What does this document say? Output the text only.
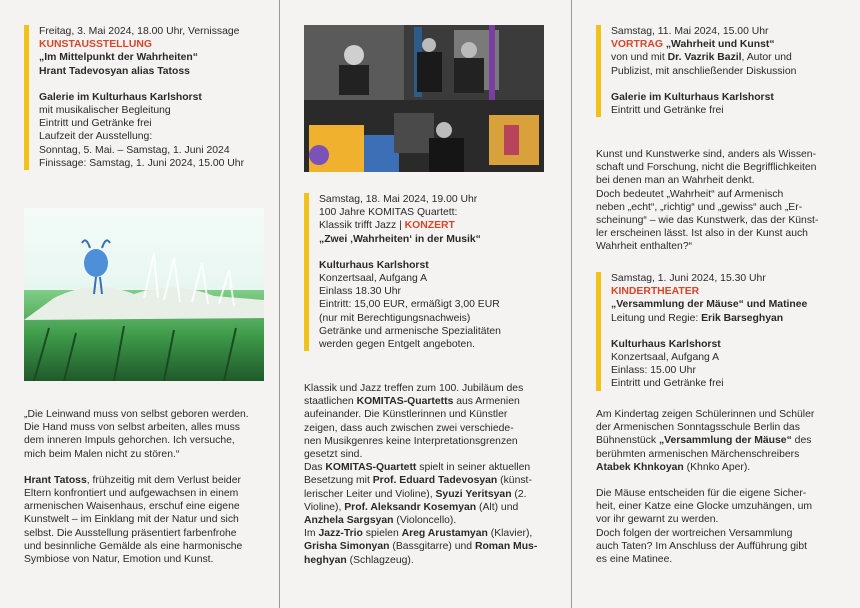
Freitag, 3. Mai 2024, 18.00 Uhr, Vernissage
KUNSTAUSSTELLUNG
„Im Mittelpunkt der Wahrheiten“
Hrant Tadevosyan alias Tatoss
Galerie im Kulturhaus Karlshorst
mit musikalischer Begleitung
Eintritt und Getränke frei
Laufzeit der Ausstellung:
Sonntag, 5. Mai. – Samstag, 1. Juni 2024
Finissage: Samstag, 1. Juni 2024, 15.00 Uhr
„Die Leinwand muss von selbst geboren werden.
Die Hand muss von selbst arbeiten, alles muss
dem inneren Impuls gehorchen. Ich versuche,
mich beim Malen nicht zu stören.“
Hrant Tatoss, frühzeitig mit dem Verlust beider
Eltern konfrontiert und aufgewachsen in einem
armenischen Waisenhaus, erschuf eine eigene
Kunstwelt – im Einklang mit der Natur und sich
selbst. Die Ausstellung präsentiert farbenfrohe
und besinnliche Gemälde als eine harmonische
Symbiose von Natur, Emotion und Kunst.
Samstag, 18. Mai 2024, 19.00 Uhr
100 Jahre KOMITAS Quartett:
Klassik trifft Jazz | KONZERT
„Zwei ‚Wahrheiten‘ in der Musik“
Kulturhaus Karlshorst
Konzertsaal, Aufgang A
Einlass 18.30 Uhr
Eintritt: 15,00 EUR, ermäßigt 3,00 EUR
(nur mit Berechtigungsnachweis)
Getränke und armenische Spezialitäten
werden gegen Entgelt angeboten.
Klassik und Jazz treffen zum 100. Jubiläum des
staatlichen KOMITAS-Quartetts aus Armenien
aufeinander. Die Künstlerinnen und Künstler
zeigen, dass auch zwischen zwei verschiede-
nen Musikgenres keine Interpretationsgrenzen
gesetzt sind.
Das KOMITAS-Quartett spielt in seiner aktuellen
Besetzung mit Prof. Eduard Tadevosyan (künst-
lerischer Leiter und Violine), Syuzi Yeritsyan (2.
Violine), Prof. Aleksandr Kosemyan (Alt) und
Anzhela Sargsyan (Violoncello).
Im Jazz-Trio spielen Areg Arustamyan (Klavier),
Grisha Simonyan (Bassgitarre) und Roman Mus-
heghyan (Schlagzeug).
Samstag, 11. Mai 2024, 15.00 Uhr
VORTRAG „Wahrheit und Kunst“
von und mit Dr. Vazrik Bazil, Autor und
Publizist, mit anschließender Diskussion
Galerie im Kulturhaus Karlshorst
Eintritt und Getränke frei
Kunst und Kunstwerke sind, anders als Wissen-
schaft und Forschung, nicht die Begrifflichkeiten
bei denen man an Wahrheit denkt.
Doch bedeutet „Wahrheit“ auf Armenisch
neben „echt“, „richtig“ und „gewiss“ auch „Er-
scheinung“ – wie das Kunstwerk, das der Künst-
ler erscheinen lässt. Ist also in der Kunst auch
Wahrheit enthalten?“
Samstag, 1. Juni 2024, 15.30 Uhr
KINDERTHEATER
„Versammlung der Mäuse“ und Matinee
Leitung und Regie: Erik Barseghyan
Kulturhaus Karlshorst
Konzertsaal, Aufgang A
Einlass: 15.00 Uhr
Eintritt und Getränke frei
Am Kindertag zeigen Schülerinnen und Schüler
der Armenischen Sonntagsschule Berlin das
Bühnenstück „Versammlung der Mäuse“ des
berühmten armenischen Märchenschreibers
Atabek Khnkoyan (Khnko Aper).
Die Mäuse entscheiden für die eigene Sicher-
heit, einer Katze eine Glocke umzuhängen, um
vor ihr gewarnt zu werden.
Doch folgen der wortreichen Versammlung
auch Taten? Im Anschluss der Aufführung gibt
es eine Matinee.
